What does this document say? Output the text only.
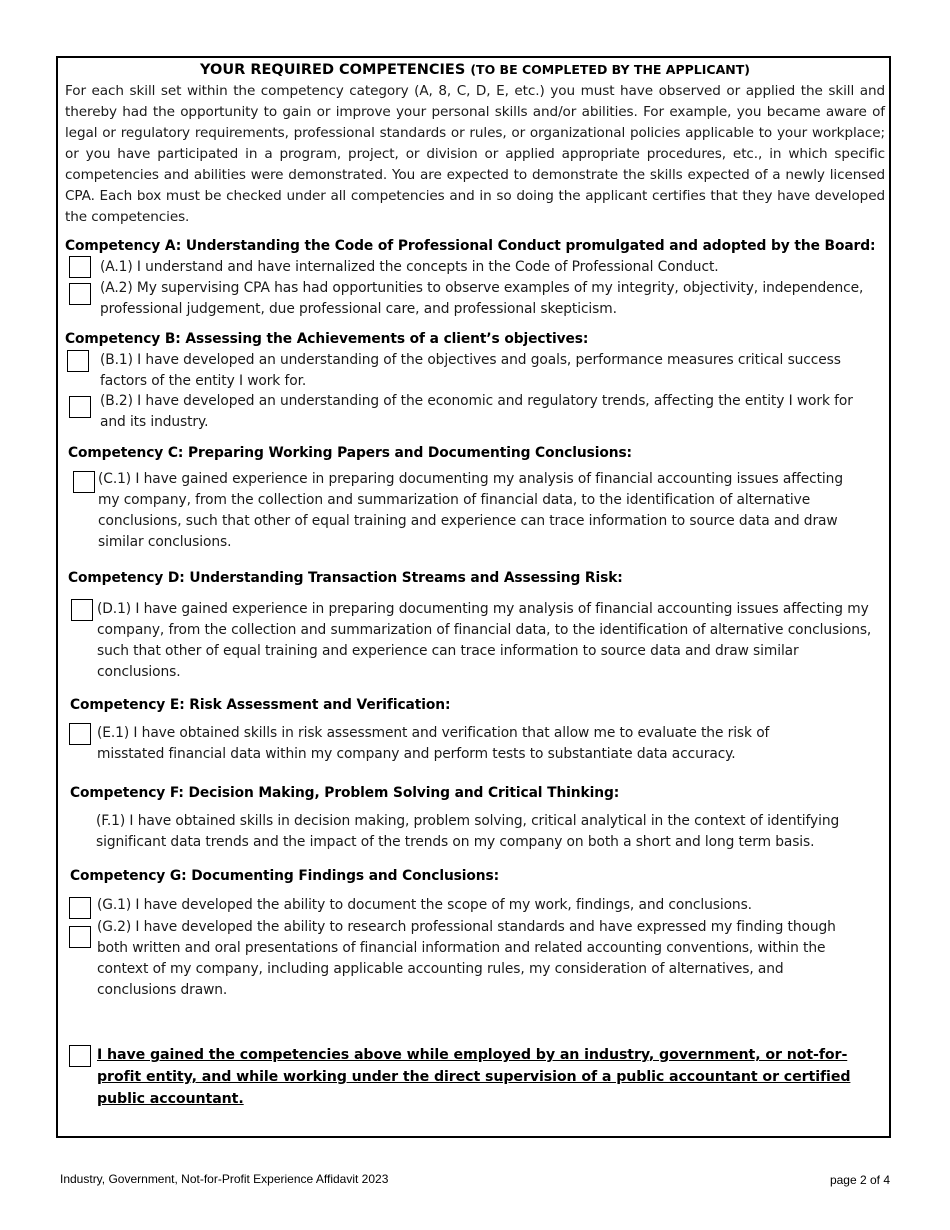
YOUR REQUIRED COMPETENCIES (TO BE COMPLETED BY THE APPLICANT)

For each skill set within the competency category (A, 8, C, D, E, etc.) you must have observed or applied the skill and thereby had the opportunity to gain or improve your personal skills and/or abilities. For example, you became aware of legal or regulatory requirements, professional standards or rules, or organizational policies applicable to your workplace; or you have participated in a program, project, or division or applied appropriate procedures, etc., in which specific competencies and abilities were demonstrated. You are expected to demonstrate the skills expected of a newly licensed CPA. Each box must be checked under all competencies and in so doing the applicant certifies that they have developed the competencies.

Competency A: Understanding the Code of Professional Conduct promulgated and adopted by the Board:
(A.1) I understand and have internalized the concepts in the Code of Professional Conduct.
(A.2) My supervising CPA has had opportunities to observe examples of my integrity, objectivity, independence, professional judgement, due professional care, and professional skepticism.
Competency B: Assessing the Achievements of a client’s objectives:
(B.1) I have developed an understanding of the objectives and goals, performance measures critical success factors of the entity I work for.
(B.2) I have developed an understanding of the economic and regulatory trends, affecting the entity I work for and its industry.
Competency C: Preparing Working Papers and Documenting Conclusions:
(C.1) I have gained experience in preparing documenting my analysis of financial accounting issues affecting my company, from the collection and summarization of financial data, to the identification of alternative conclusions, such that other of equal training and experience can trace information to source data and draw similar conclusions.
Competency D: Understanding Transaction Streams and Assessing Risk:
(D.1) I have gained experience in preparing documenting my analysis of financial accounting issues affecting my company, from the collection and summarization of financial data, to the identification of alternative conclusions, such that other of equal training and experience can trace information to source data and draw similar conclusions.
Competency E: Risk Assessment and Verification:
(E.1) I have obtained skills in risk assessment and verification that allow me to evaluate the risk of misstated financial data within my company and perform tests to substantiate data accuracy.
Competency F: Decision Making, Problem Solving and Critical Thinking:
(F.1) I have obtained skills in decision making, problem solving, critical analytical in the context of identifying significant data trends and the impact of the trends on my company on both a short and long term basis.
Competency G: Documenting Findings and Conclusions:
(G.1) I have developed the ability to document the scope of my work, findings, and conclusions.
(G.2) I have developed the ability to research professional standards and have expressed my finding though both written and oral presentations of financial information and related accounting conventions, within the context of my company, including applicable accounting rules, my consideration of alternatives, and conclusions drawn.
I have gained the competencies above while employed by an industry, government, or not-for-profit entity, and while working under the direct supervision of a public accountant or certified public accountant.
Industry, Government, Not-for-Profit Experience Affidavit 2023	page 2 of 4
